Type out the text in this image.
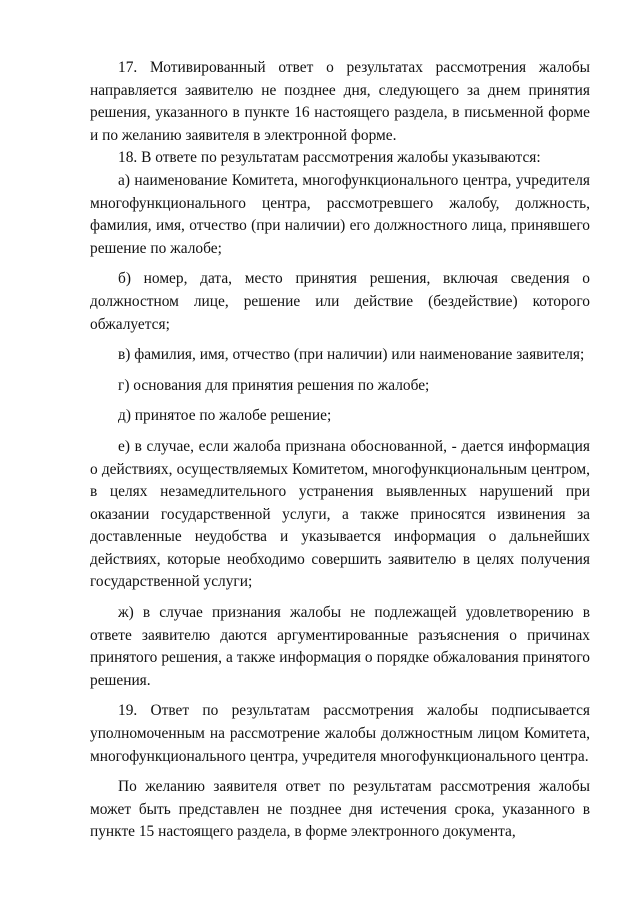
17. Мотивированный ответ о результатах рассмотрения жалобы направляется заявителю не позднее дня, следующего за днем принятия решения, указанного в пункте 16 настоящего раздела, в письменной форме и по желанию заявителя в электронной форме.

18. В ответе по результатам рассмотрения жалобы указываются:

а) наименование Комитета, многофункционального центра, учредителя многофункционального центра, рассмотревшего жалобу, должность, фамилия, имя, отчество (при наличии) его должностного лица, принявшего решение по жалобе;

б) номер, дата, место принятия решения, включая сведения о должностном лице, решение или действие (бездействие) которого обжалуется;

в) фамилия, имя, отчество (при наличии) или наименование заявителя;

г) основания для принятия решения по жалобе;

д) принятое по жалобе решение;

е) в случае, если жалоба признана обоснованной, - дается информация о действиях, осуществляемых Комитетом, многофункциональным центром, в целях незамедлительного устранения выявленных нарушений при оказании государственной услуги, а также приносятся извинения за доставленные неудобства и указывается информация о дальнейших действиях, которые необходимо совершить заявителю в целях получения государственной услуги;

ж) в случае признания жалобы не подлежащей удовлетворению в ответе заявителю даются аргументированные разъяснения о причинах принятого решения, а также информация о порядке обжалования принятого решения.

19. Ответ по результатам рассмотрения жалобы подписывается уполномоченным на рассмотрение жалобы должностным лицом Комитета, многофункционального центра, учредителя многофункционального центра.

По желанию заявителя ответ по результатам рассмотрения жалобы может быть представлен не позднее дня истечения срока, указанного в пункте 15 настоящего раздела, в форме электронного документа,
